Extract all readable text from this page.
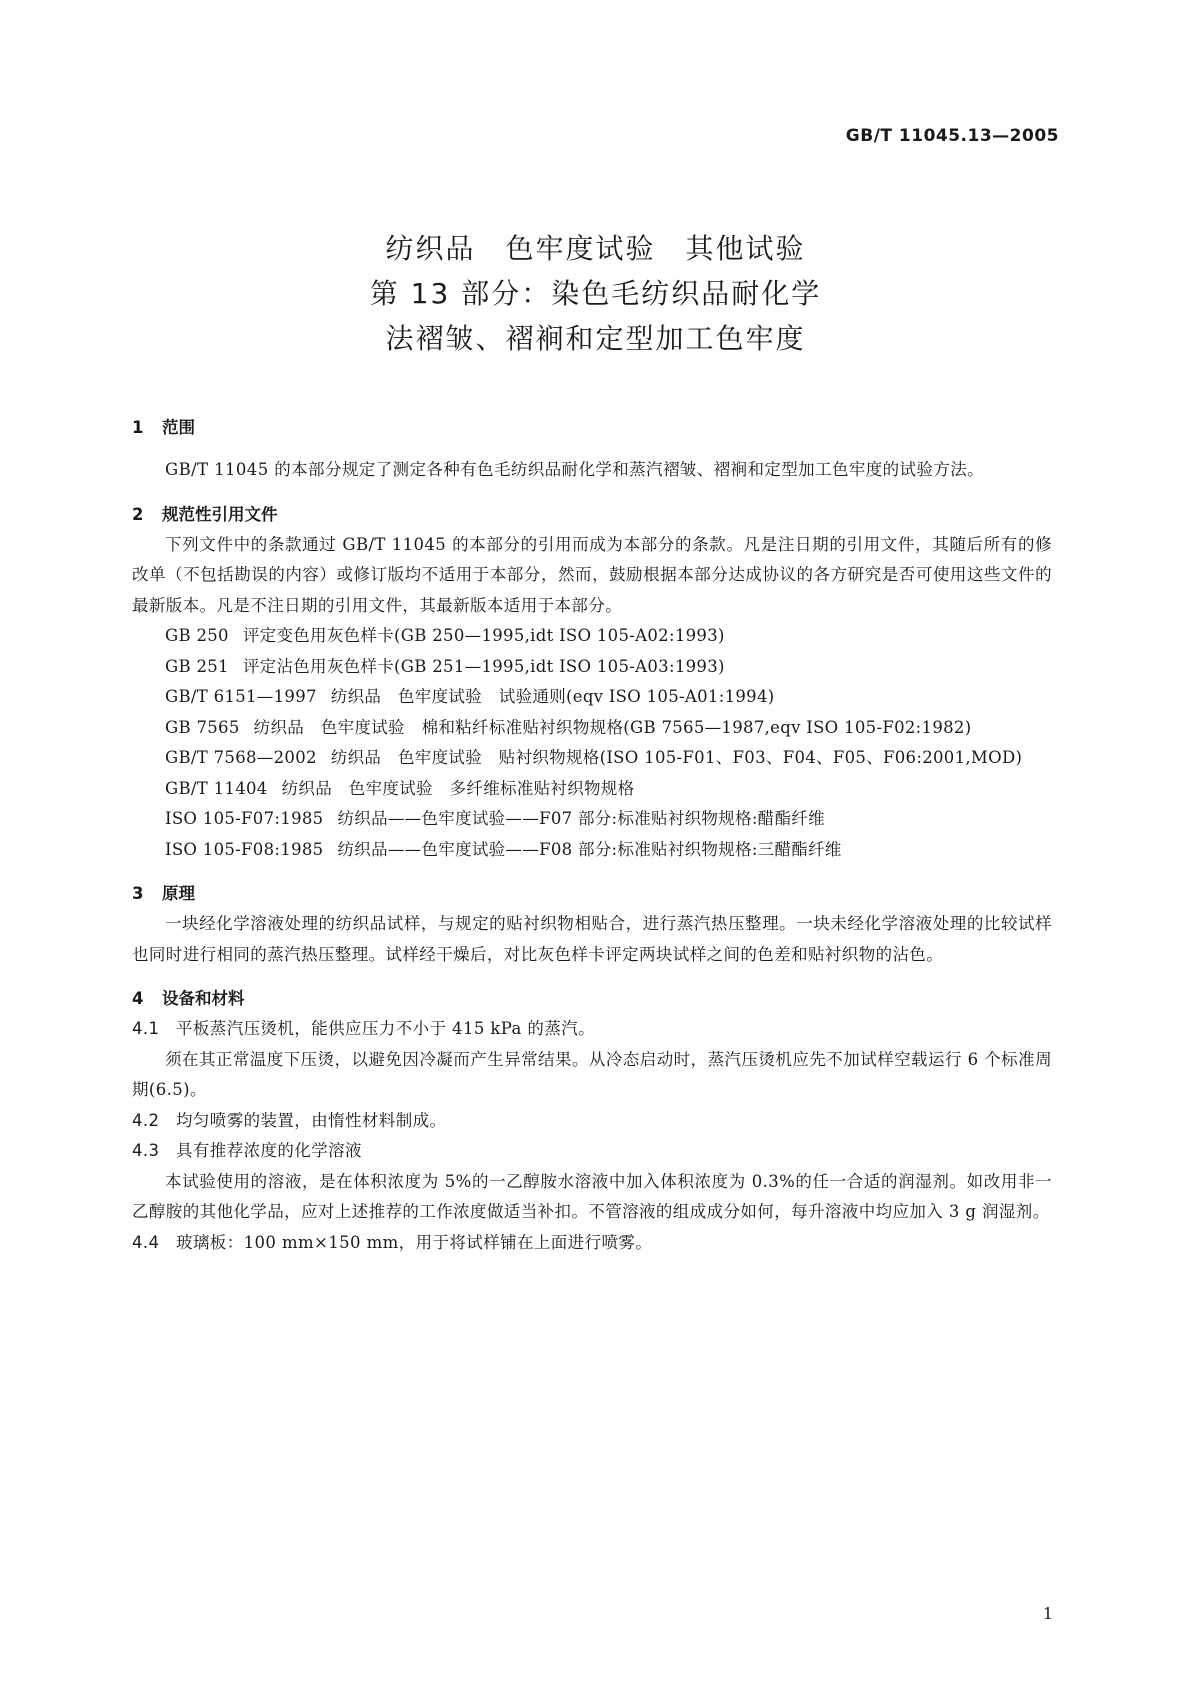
GB/T 11045.13—2005
纺织品　色牢度试验　其他试验
第 13 部分：染色毛纺织品耐化学
法褶皱、褶裥和定型加工色牢度
1 范围
GB/T 11045 的本部分规定了测定各种有色毛纺织品耐化学和蒸汽褶皱、褶裥和定型加工色牢度的试验方法。
2 规范性引用文件
下列文件中的条款通过 GB/T 11045 的本部分的引用而成为本部分的条款。凡是注日期的引用文件，其随后所有的修改单（不包括勘误的内容）或修订版均不适用于本部分，然而，鼓励根据本部分达成协议的各方研究是否可使用这些文件的最新版本。凡是不注日期的引用文件，其最新版本适用于本部分。
GB 250 评定变色用灰色样卡(GB 250—1995,idt ISO 105-A02:1993)
GB 251 评定沾色用灰色样卡(GB 251—1995,idt ISO 105-A03:1993)
GB/T 6151—1997 纺织品　色牢度试验　试验通则(eqv ISO 105-A01:1994)
GB 7565 纺织品　色牢度试验　棉和粘纤标准贴衬织物规格(GB 7565—1987,eqv ISO 105-F02:1982)
GB/T 7568—2002 纺织品　色牢度试验　贴衬织物规格(ISO 105-F01、F03、F04、F05、F06:2001,MOD)
GB/T 11404 纺织品　色牢度试验　多纤维标准贴衬织物规格
ISO 105-F07:1985 纺织品——色牢度试验——F07 部分:标准贴衬织物规格:醋酯纤维
ISO 105-F08:1985 纺织品——色牢度试验——F08 部分:标准贴衬织物规格:三醋酯纤维
3 原理
一块经化学溶液处理的纺织品试样，与规定的贴衬织物相贴合，进行蒸汽热压整理。一块未经化学溶液处理的比较试样也同时进行相同的蒸汽热压整理。试样经干燥后，对比灰色样卡评定两块试样之间的色差和贴衬织物的沾色。
4 设备和材料
4.1 平板蒸汽压烫机，能供应压力不小于 415 kPa 的蒸汽。
须在其正常温度下压烫，以避免因冷凝而产生异常结果。从冷态启动时，蒸汽压烫机应先不加试样空载运行 6 个标准周期(6.5)。
4.2 均匀喷雾的装置，由惰性材料制成。
4.3 具有推荐浓度的化学溶液
本试验使用的溶液，是在体积浓度为 5%的一乙醇胺水溶液中加入体积浓度为 0.3%的任一合适的润湿剂。如改用非一乙醇胺的其他化学品，应对上述推荐的工作浓度做适当补扣。不管溶液的组成成分如何，每升溶液中均应加入 3 g 润湿剂。
4.4 玻璃板：100 mm×150 mm，用于将试样铺在上面进行喷雾。
1
